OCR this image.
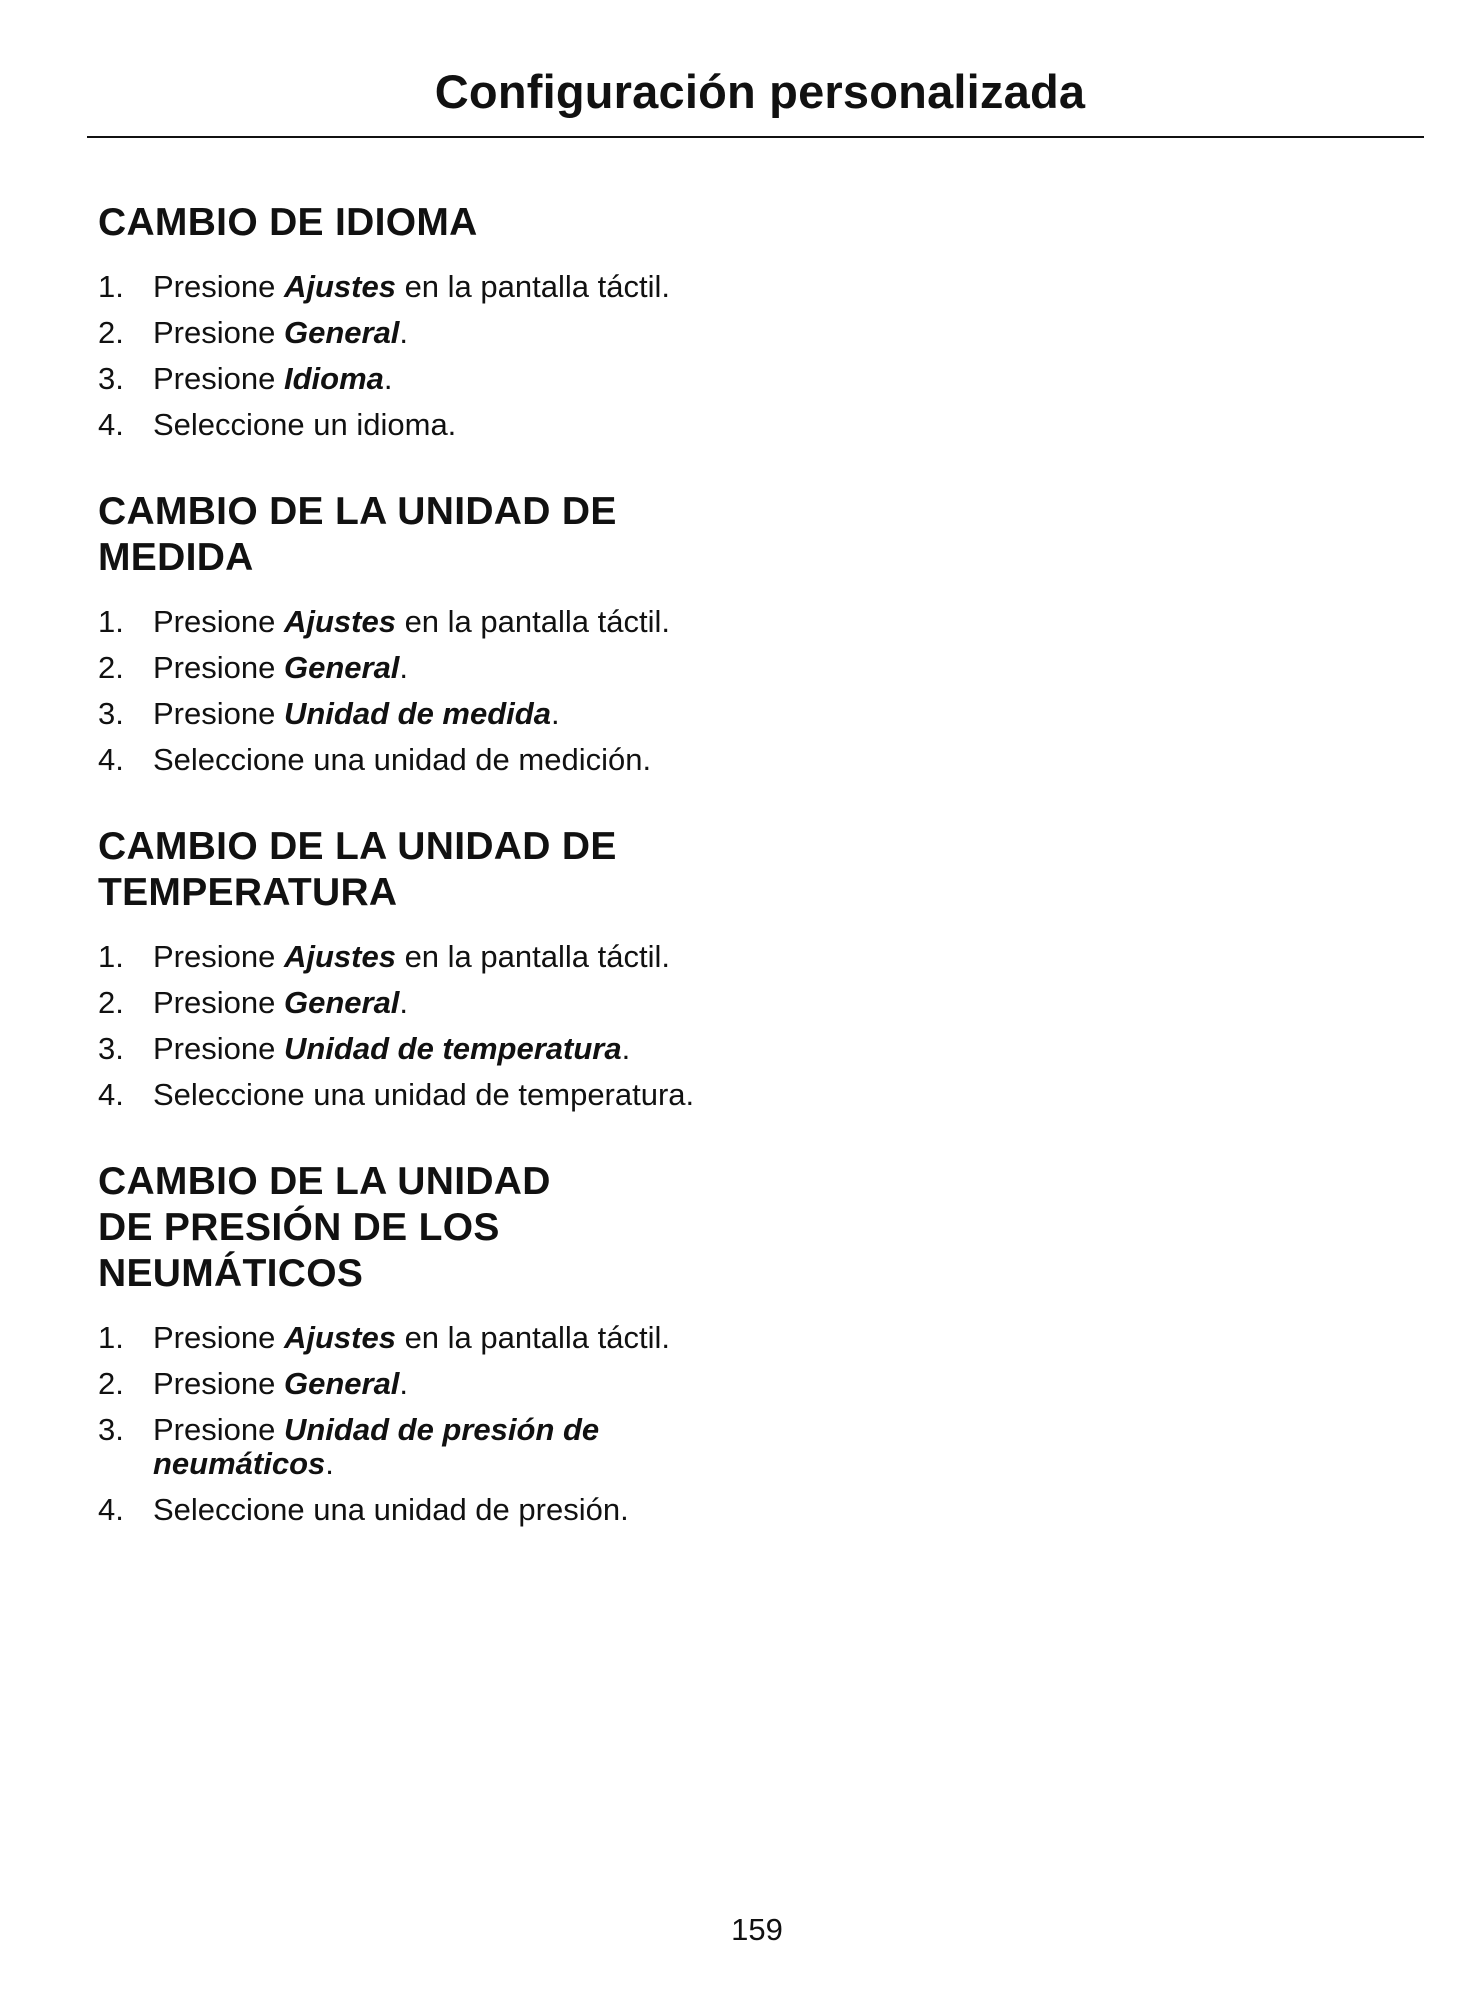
Configuración personalizada
CAMBIO DE IDIOMA
1. Presione Ajustes en la pantalla táctil.
2. Presione General.
3. Presione Idioma.
4. Seleccione un idioma.
CAMBIO DE LA UNIDAD DE MEDIDA
1. Presione Ajustes en la pantalla táctil.
2. Presione General.
3. Presione Unidad de medida.
4. Seleccione una unidad de medición.
CAMBIO DE LA UNIDAD DE TEMPERATURA
1. Presione Ajustes en la pantalla táctil.
2. Presione General.
3. Presione Unidad de temperatura.
4. Seleccione una unidad de temperatura.
CAMBIO DE LA UNIDAD DE PRESIÓN DE LOS NEUMÁTICOS
1. Presione Ajustes en la pantalla táctil.
2. Presione General.
3. Presione Unidad de presión de neumáticos.
4. Seleccione una unidad de presión.
159
